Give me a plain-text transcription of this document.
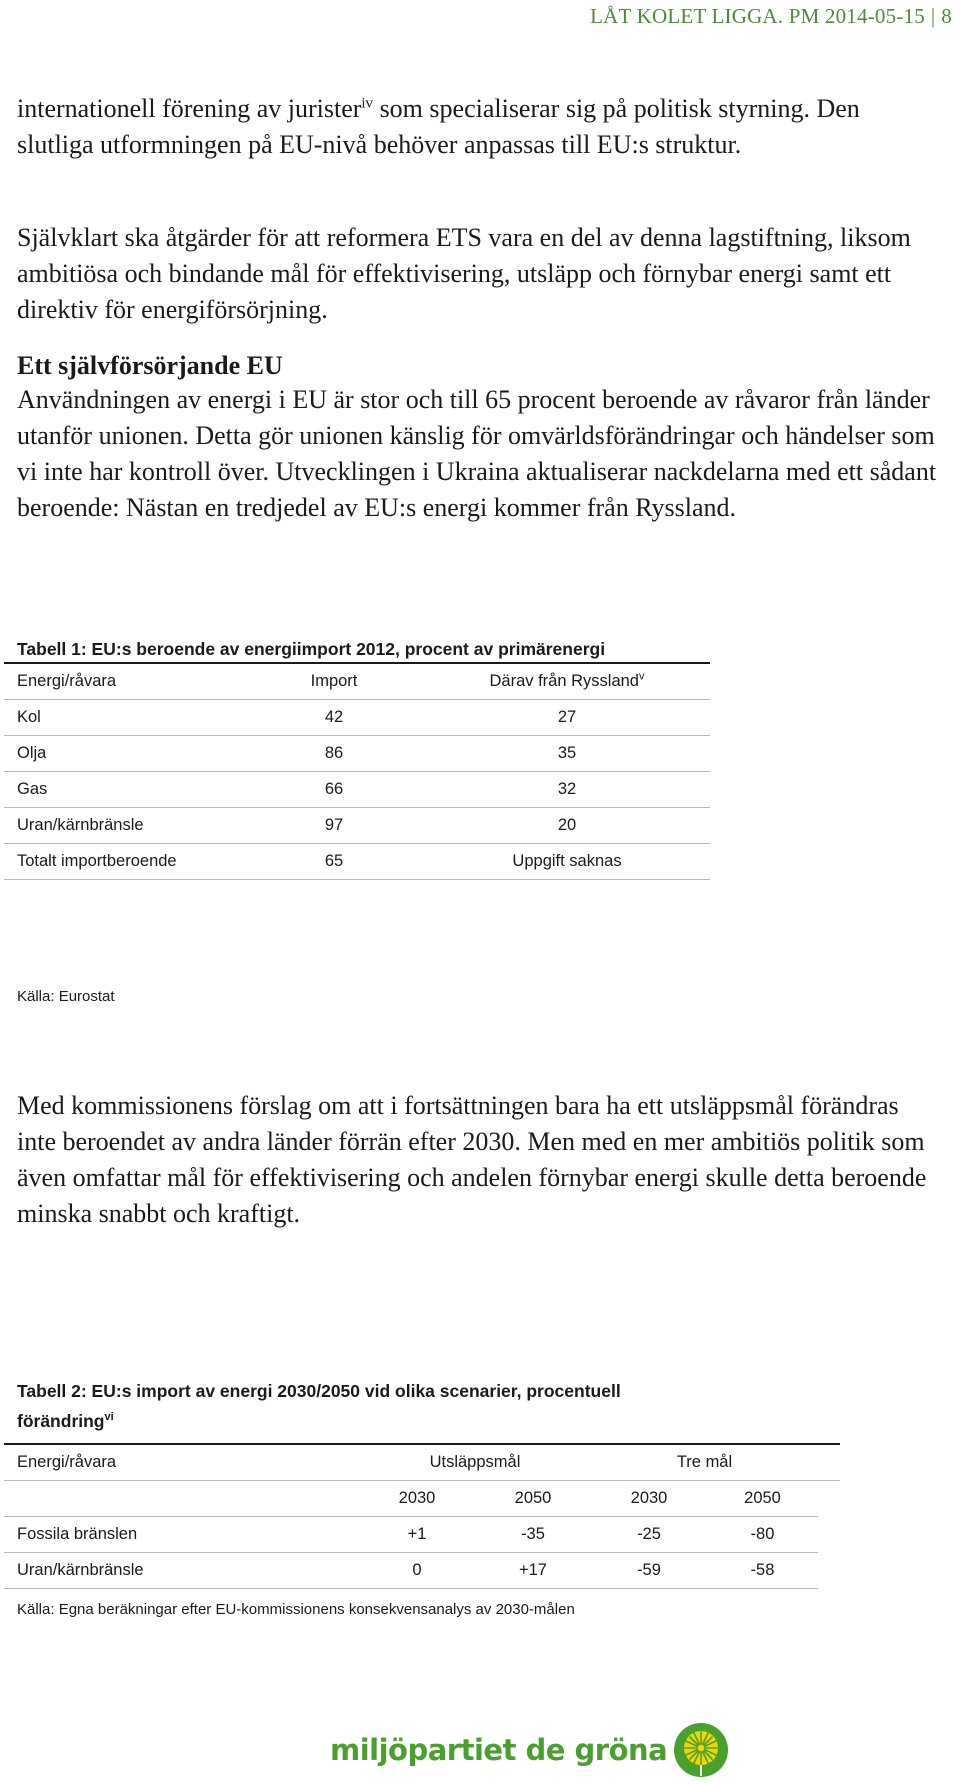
LÅT KOLET LIGGA. PM 2014-05-15 | 8

internationell förening av jurister$^{iv}$ som specialiserar sig på politisk styrning. Den slutliga utformningen på EU-nivå behöver anpassas till EU:s struktur.

Självklart ska åtgärder för att reformera ETS vara en del av denna lagstiftning, liksom ambitiösa och bindande mål för effektivisering, utsläpp och förnybar energi samt ett direktiv för energiförsörjning.

Ett självförsörjande EU

Användningen av energi i EU är stor och till 65 procent beroende av råvaror från länder utanför unionen. Detta gör unionen känslig för omvärldsförändringar och händelser som vi inte har kontroll över. Utvecklingen i Ukraina aktualiserar nackdelarna med ett sådant beroende: Nästan en tredjedel av EU:s energi kommer från Ryssland.

Tabell 1: EU:s beroende av energiimport 2012, procent av primärenergi
Energi/råvara	Import	Därav från Ryssland$^v$
Kol	42	27
Olja	86	35
Gas	66	32
Uran/kärnbränsle	97	20
Totalt importberoende	65	Uppgift saknas
Källa: Eurostat

Med kommissionens förslag om att i fortsättningen bara ha ett utsläppsmål förändras inte beroendet av andra länder förrän efter 2030. Men med en mer ambitiös politik som även omfattar mål för effektivisering och andelen förnybar energi skulle detta beroende minska snabbt och kraftigt.

Tabell 2: EU:s import av energi 2030/2050 vid olika scenarier, procentuell
förändring$^{vi}$
Energi/råvara	Utsläppsmål		Tre mål		
	2030	2050	2030	2050	
Fossila bränslen	+1	-35	-25	-80	
Uran/kärnbränsle	0	+17	-59	-58	
Källa: Egna beräkningar efter EU-kommissionens konsekvensanalys av 2030-målen
miljöpartiet de gröna
